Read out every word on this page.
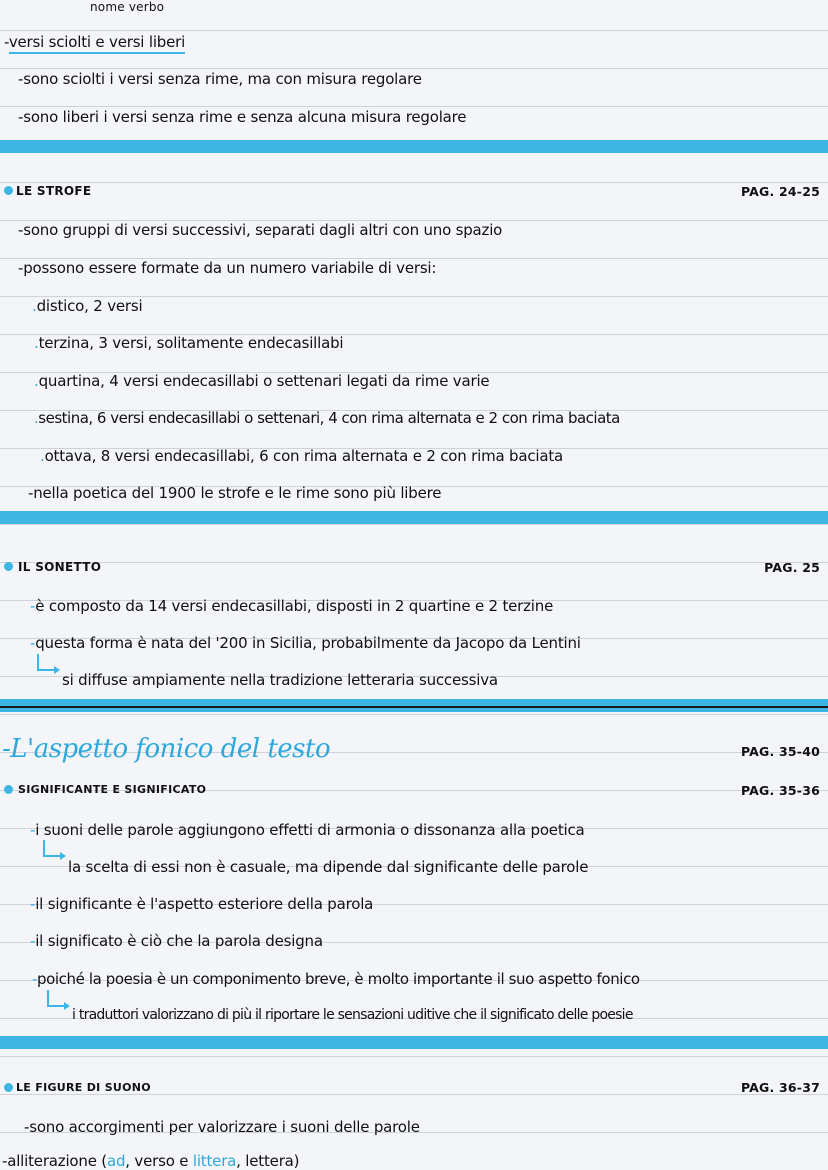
nome verbo
-versi sciolti e versi liberi
-sono sciolti i versi senza rime, ma con misura regolare
-sono liberi i versi senza rime e senza alcuna misura regolare
LE STROFE	PAG. 24-25
-sono gruppi di versi successivi, separati dagli altri con uno spazio
-possono essere formate da un numero variabile di versi:
.distico, 2 versi
.terzina, 3 versi, solitamente endecasillabi
.quartina, 4 versi endecasillabi o settenari legati da rime varie
.sestina, 6 versi endecasillabi o settenari, 4 con rima alternata e 2 con rima baciata
.ottava, 8 versi endecasillabi, 6 con rima alternata e 2 con rima baciata
-nella poetica del 1900 le strofe e le rime sono più libere
IL SONETTO	PAG. 25
-è composto da 14 versi endecasillabi, disposti in 2 quartine e 2 terzine
-questa forma è nata del '200 in Sicilia, probabilmente da Jacopo da Lentini
si diffuse ampiamente nella tradizione letteraria successiva
-L'aspetto fonico del testo	PAG. 35-40
SIGNIFICANTE E SIGNIFICATO	PAG. 35-36
-i suoni delle parole aggiungono effetti di armonia o dissonanza alla poetica
la scelta di essi non è casuale, ma dipende dal significante delle parole
-il significante è l'aspetto esteriore della parola
-il significato è ciò che la parola designa
-poiché la poesia è un componimento breve, è molto importante il suo aspetto fonico
i traduttori valorizzano di più il riportare le sensazioni uditive che il significato delle poesie
LE FIGURE DI SUONO	PAG. 36-37
-sono accorgimenti per valorizzare i suoni delle parole
-alliterazione (ad, verso e littera, lettera)
